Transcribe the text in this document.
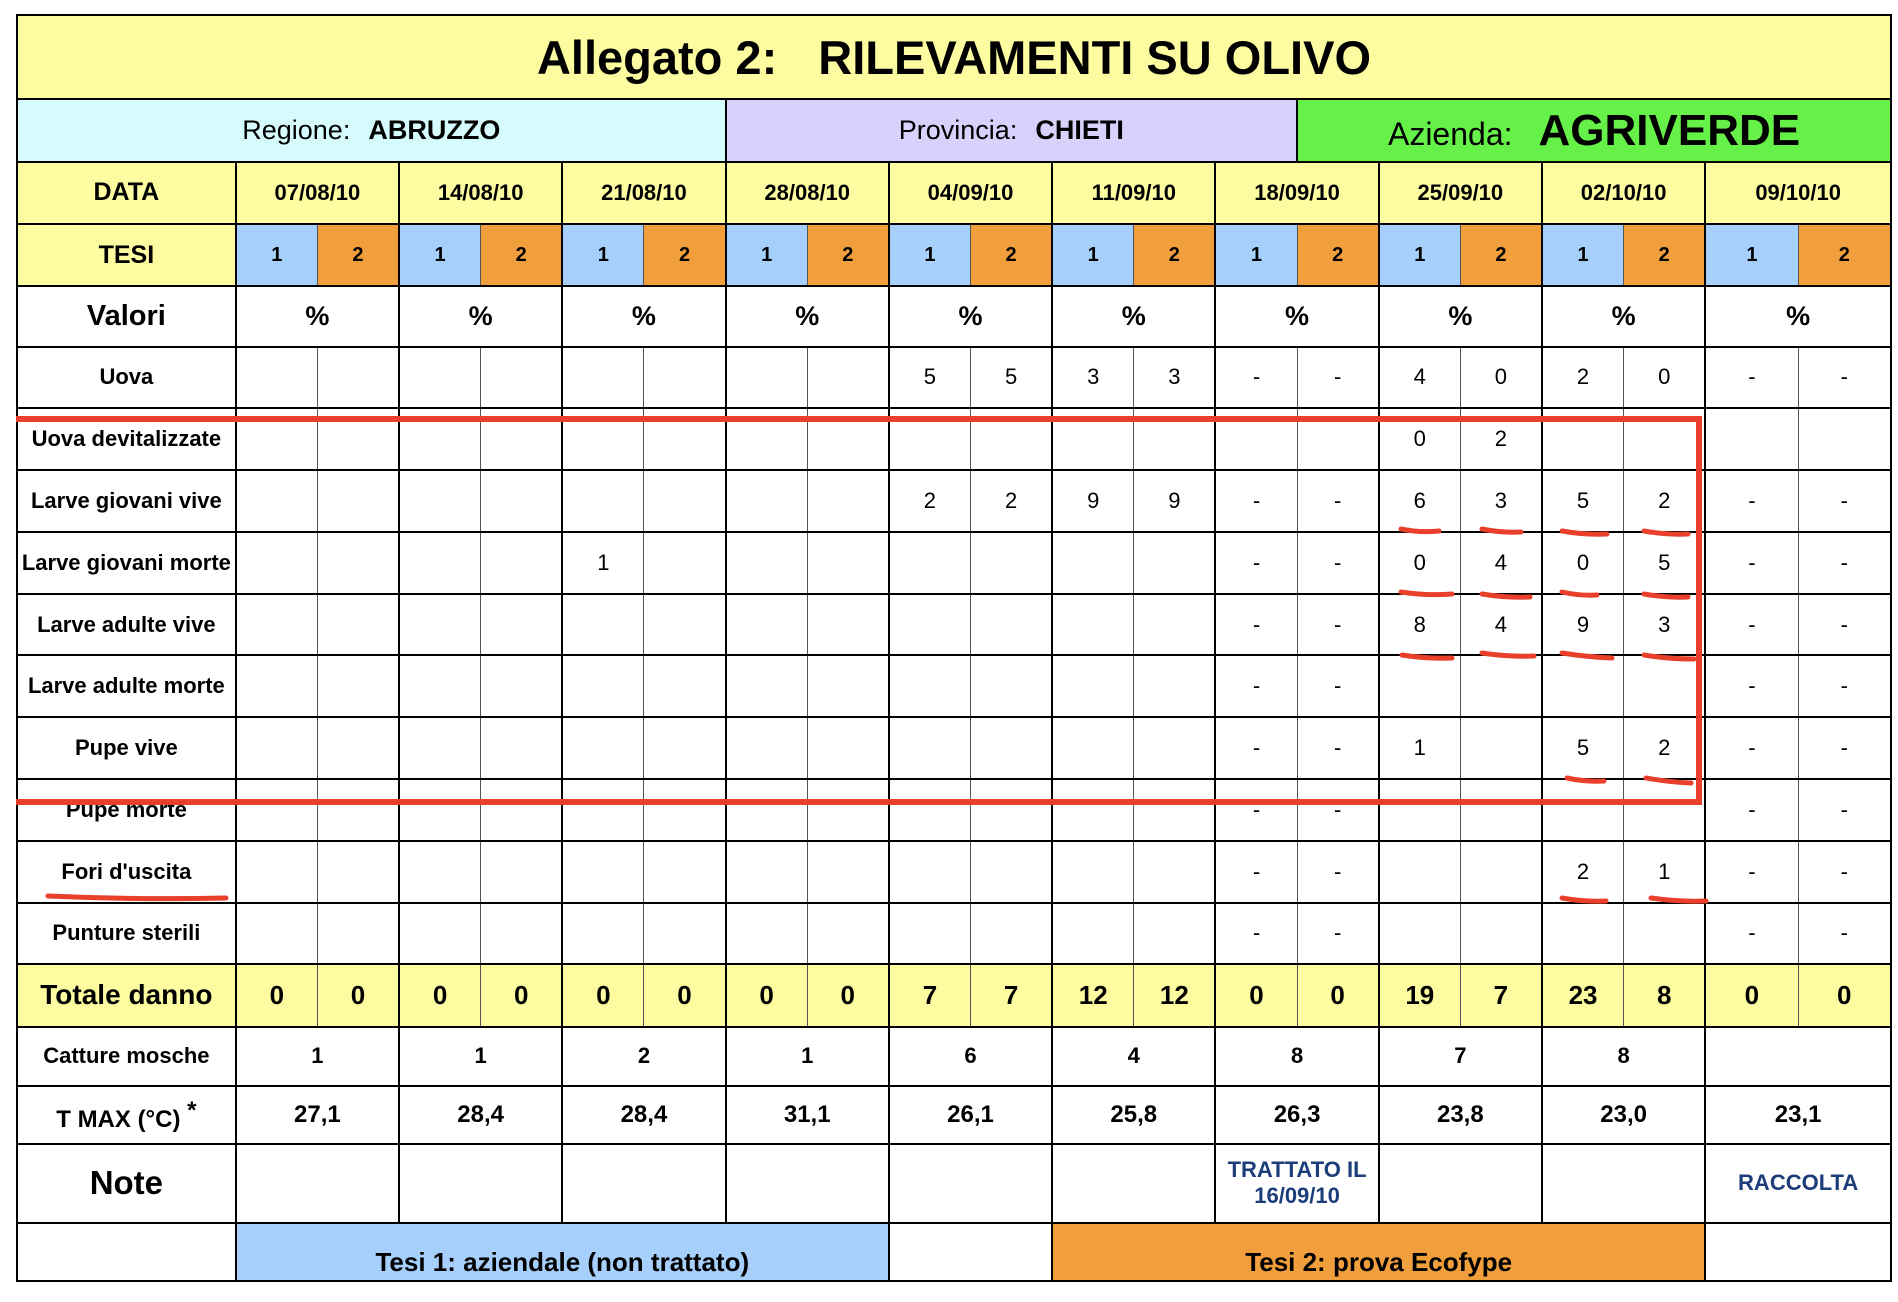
Allegato 2: RILEVAMENTI SU OLIVO																				
Regione: ABRUZZO							Provincia: CHIETI							Azienda: AGRIVERDE						
DATA	07/08/10		14/08/10		21/08/10		28/08/10		04/09/10		11/09/10		18/09/10		25/09/10		02/10/10		09/10/10	
TESI	1	2	1	2	1	2	1	2	1	2	1	2	1	2	1	2	1	2	1	2
Valori	%		%		%		%		%		%		%		%		%		%	
Uova									5	5	3	3	-	-	4	0	2	0	-	-
Uova devitalizzate															0	2				
Larve giovani vive									2	2	9	9	-	-	6	3	5	2	-	-
Larve giovani morte					1								-	-	0	4	0	5	-	-
Larve adulte vive													-	-	8	4	9	3	-	-
Larve adulte morte													-	-					-	-
Pupe vive													-	-	1		5	2	-	-
Pupe morte													-	-					-	-
Fori d'uscita													-	-			2	1	-	-
Punture sterili													-	-					-	-
Totale danno	0	0	0	0	0	0	0	0	7	7	12	12	0	0	19	7	23	8	0	0
Catture mosche	1		1		2		1		6		4		8		7		8			
T MAX (°C) *	27,1		28,4		28,4		31,1		26,1		25,8		26,3		23,8		23,0		23,1	
Note													TRATTATO IL 16/09/10						RACCOLTA	
	Tesi 1: aziendale (non trattato)										Tesi 2: prova Ecofype									
